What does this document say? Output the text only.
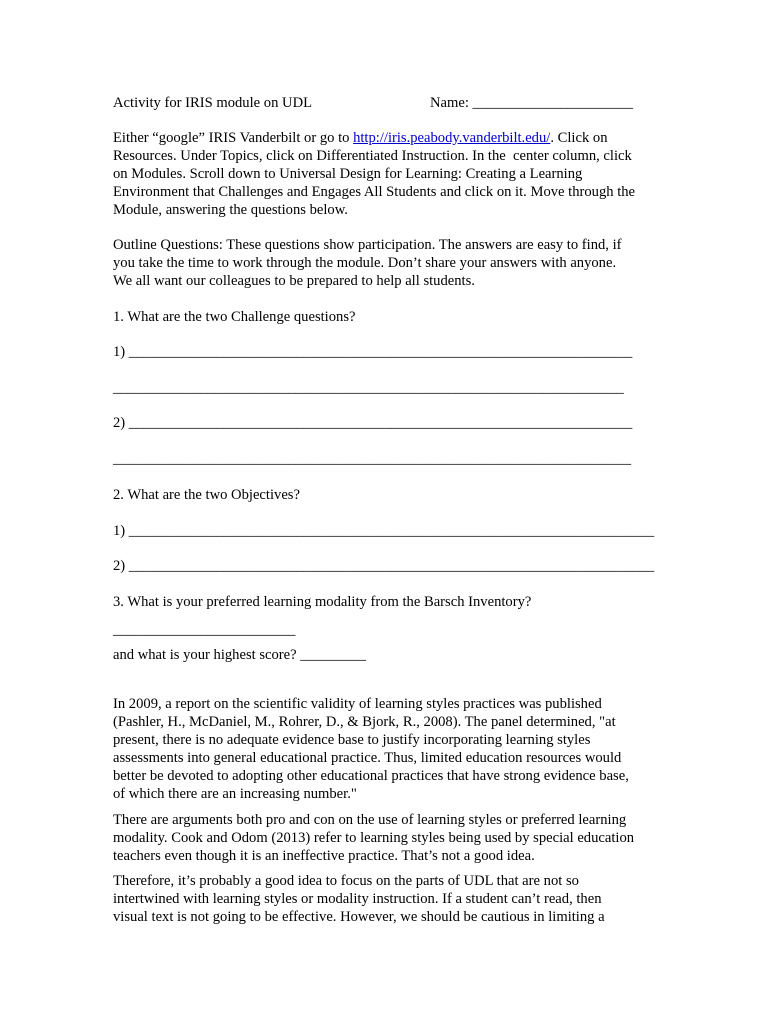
Activity for IRIS module on UDL	Name: ______________________
Either “google” IRIS Vanderbilt or go to http://iris.peabody.vanderbilt.edu/. Click on
Resources. Under Topics, click on Differentiated Instruction. In the  center column, click
on Modules. Scroll down to Universal Design for Learning: Creating a Learning
Environment that Challenges and Engages All Students and click on it. Move through the
Module, answering the questions below.
Outline Questions: These questions show participation. The answers are easy to find, if
you take the time to work through the module. Don’t share your answers with anyone.
We all want our colleagues to be prepared to help all students.
1. What are the two Challenge questions?
1) _____________________________________________________________________
______________________________________________________________________
2) _____________________________________________________________________
_______________________________________________________________________
2. What are the two Objectives?
1) ________________________________________________________________________
2) ________________________________________________________________________
3. What is your preferred learning modality from the Barsch Inventory?
_________________________
and what is your highest score? _________
In 2009, a report on the scientific validity of learning styles practices was published
(Pashler, H., McDaniel, M., Rohrer, D., & Bjork, R., 2008). The panel determined, "at
present, there is no adequate evidence base to justify incorporating learning styles
assessments into general educational practice. Thus, limited education resources would
better be devoted to adopting other educational practices that have strong evidence base,
of which there are an increasing number."
There are arguments both pro and con on the use of learning styles or preferred learning
modality. Cook and Odom (2013) refer to learning styles being used by special education
teachers even though it is an ineffective practice. That’s not a good idea.
Therefore, it’s probably a good idea to focus on the parts of UDL that are not so
intertwined with learning styles or modality instruction. If a student can’t read, then
visual text is not going to be effective. However, we should be cautious in limiting a
